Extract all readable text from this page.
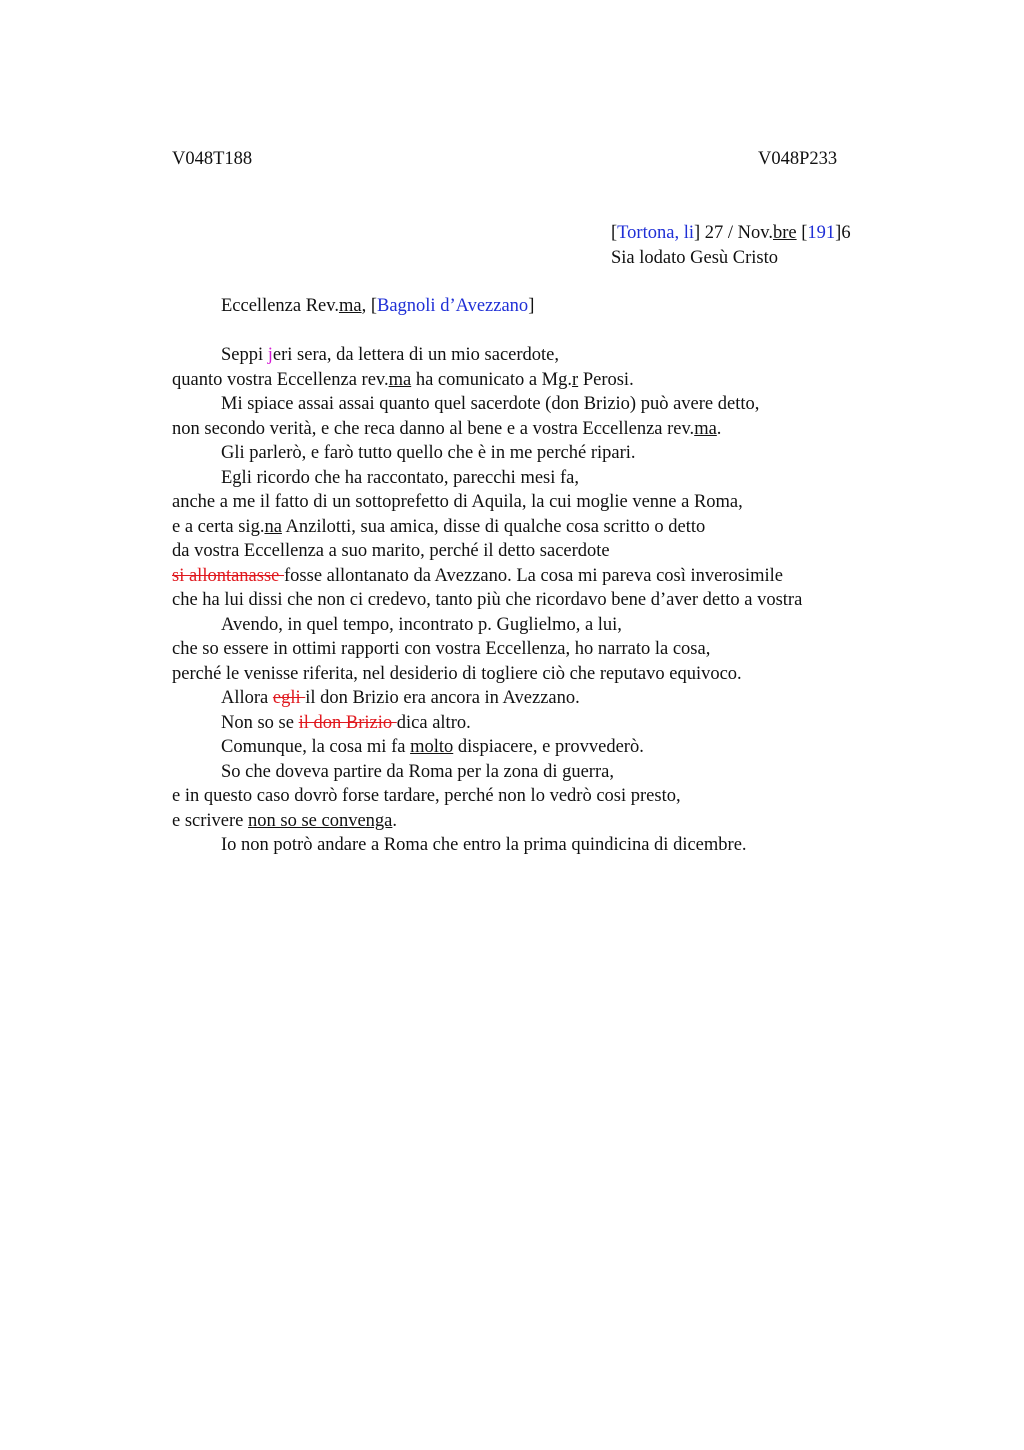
V048T188	V048P233
[Tortona, li] 27 / Nov.bre [191]6
Sia lodato Gesù Cristo
Eccellenza Rev.ma, [Bagnoli d’Avezzano]
Seppi jeri sera, da lettera di un mio sacerdote,
quanto vostra Eccellenza rev.ma ha comunicato a Mg.r Perosi.
Mi spiace assai assai quanto quel sacerdote (don Brizio) può avere detto,
non secondo verità, e che reca danno al bene e a vostra Eccellenza rev.ma.
Gli parlerò, e farò tutto quello che è in me perché ripari.
Egli ricordo che ha raccontato, parecchi mesi fa,
anche a me il fatto di un sottoprefetto di Aquila, la cui moglie venne a Roma,
e a certa sig.na Anzilotti, sua amica, disse di qualche cosa scritto o detto
da vostra Eccellenza a suo marito, perché il detto sacerdote
si allontanasse fosse allontanato da Avezzano. La cosa mi pareva così inverosimile
che ha lui dissi che non ci credevo, tanto più che ricordavo bene d’aver detto a vostra
Avendo, in quel tempo, incontrato p. Guglielmo, a lui,
che so essere in ottimi rapporti con vostra Eccellenza, ho narrato la cosa,
perché le venisse riferita, nel desiderio di togliere ciò che reputavo equivoco.
Allora egli il don Brizio era ancora in Avezzano.
Non so se il don Brizio dica altro.
Comunque, la cosa mi fa molto dispiacere, e provvederò.
So che doveva partire da Roma per la zona di guerra,
e in questo caso dovrò forse tardare, perché non lo vedrò cosi presto,
e scrivere non so se convenga.
Io non potrò andare a Roma che entro la prima quindicina di dicembre.
